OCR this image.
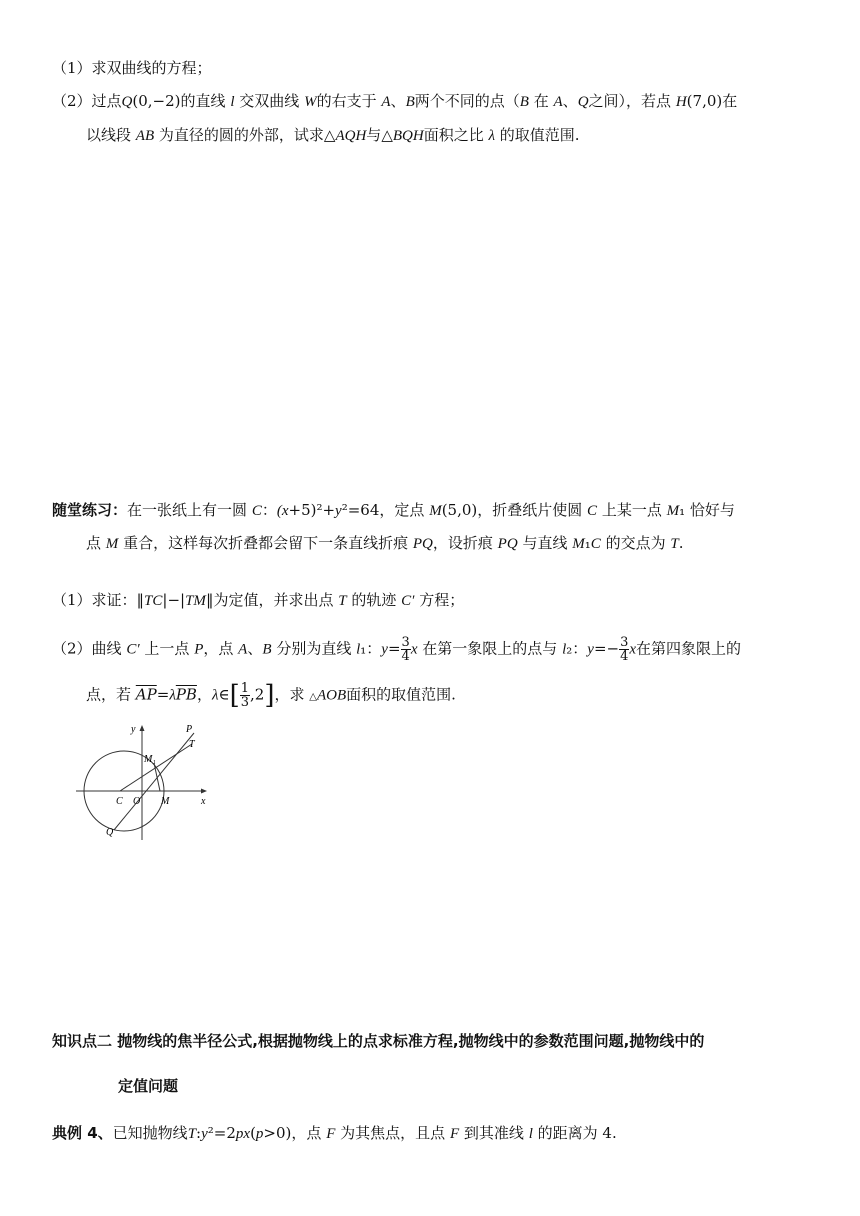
（1）求双曲线的方程；
（2）过点Q(0,−2)的直线 l 交双曲线 W的右支于 A、B两个不同的点（B 在 A、Q之间），若点 H(7,0)在
以线段 AB 为直径的圆的外部，试求△AQH与△BQH面积之比 λ 的取值范围.
随堂练习：在一张纸上有一圆 C：(x+5)²+y²=64，定点 M(5,0)，折叠纸片使圆 C 上某一点 M₁ 恰好与
点 M 重合，这样每次折叠都会留下一条直线折痕 PQ，设折痕 PQ 与直线 M₁C 的交点为 T.
（1）求证：‖TC|−|TM‖为定值，并求出点 T 的轨迹 C′ 方程；
（2）曲线 C′ 上一点 P，点 A、B 分别为直线 l₁：$y= \frac{3}{4}$ x 在第一象限上的点与 l₂：$y=- \frac{3}{4}$ x在第四象限上的
点，若 $\overline{AP}=\lambda\overline{PB}$，λ∈[ $\frac{1}{3} ,2$]，求 △AOB面积的取值范围.
y
x
P
T
M₁
C O M
Q
知识点二 抛物线的焦半径公式,根据抛物线上的点求标准方程,抛物线中的参数范围问题,抛物线中的
定值问题
典例 4、已知抛物线T:y²=2px(p>0)，点 F 为其焦点，且点 F 到其准线 l 的距离为 4.
